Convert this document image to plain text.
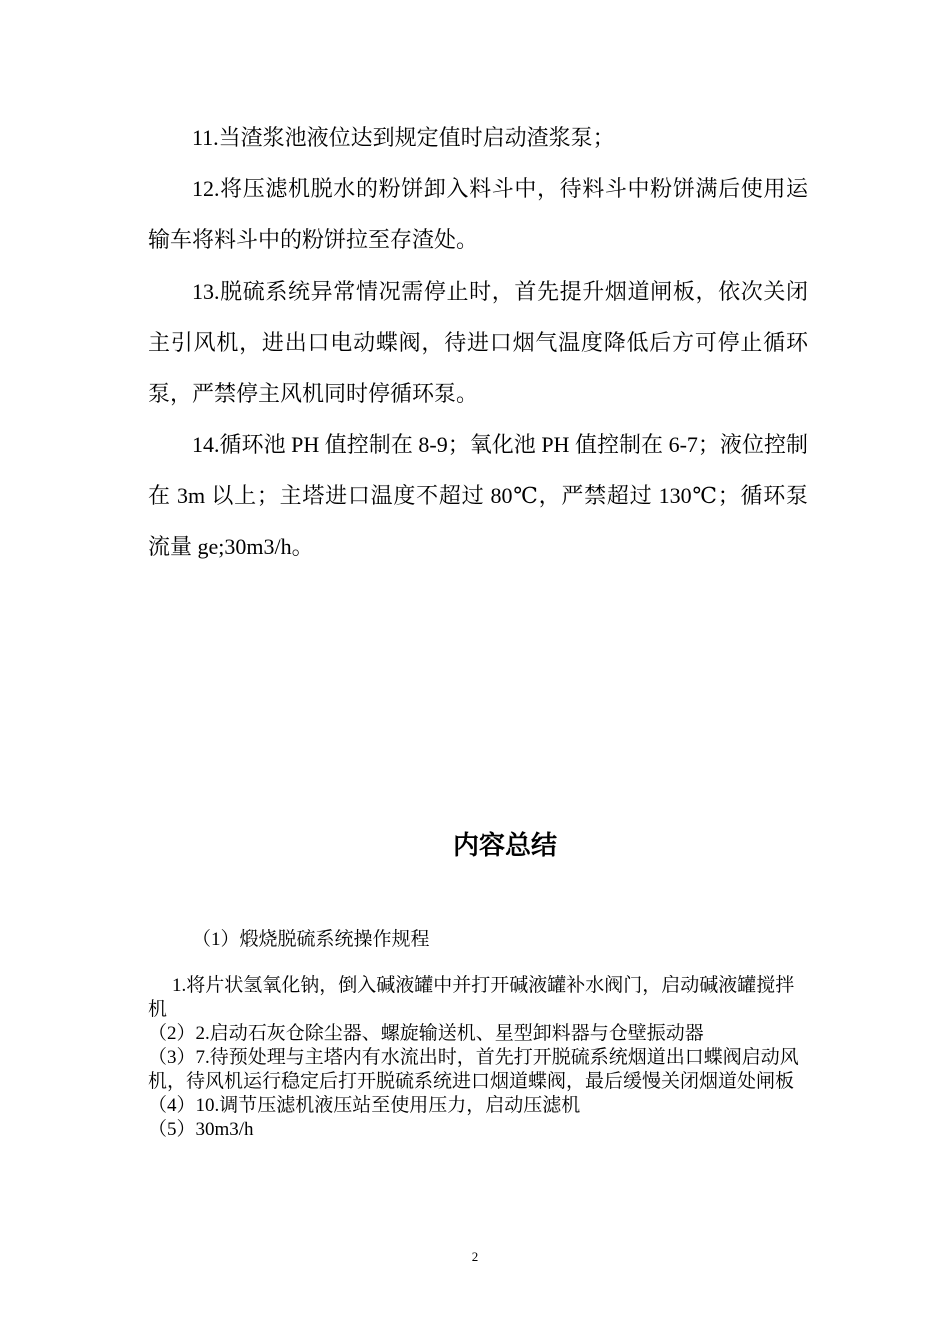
11.当渣浆池液位达到规定值时启动渣浆泵；

12.将压滤机脱水的粉饼卸入料斗中，待料斗中粉饼满后使用运输车将料斗中的粉饼拉至存渣处。

13.脱硫系统异常情况需停止时，首先提升烟道闸板，依次关闭主引风机，进出口电动蝶阀，待进口烟气温度降低后方可停止循环泵，严禁停主风机同时停循环泵。

14.循环池 PH 值控制在 8-9；氧化池 PH 值控制在 6-7；液位控制在 3m 以上；主塔进口温度不超过 80℃，严禁超过 130℃；循环泵流量 ge;30m3/h。

内容总结

（1）煅烧脱硫系统操作规程

1.将片状氢氧化钠，倒入碱液罐中并打开碱液罐补水阀门，启动碱液罐搅拌机

（2）2.启动石灰仓除尘器、螺旋输送机、星型卸料器与仓壁振动器

（3）7.待预处理与主塔内有水流出时，首先打开脱硫系统烟道出口蝶阀启动风机，待风机运行稳定后打开脱硫系统进口烟道蝶阀，最后缓慢关闭烟道处闸板

（4）10.调节压滤机液压站至使用压力，启动压滤机

（5）30m3/h

2
